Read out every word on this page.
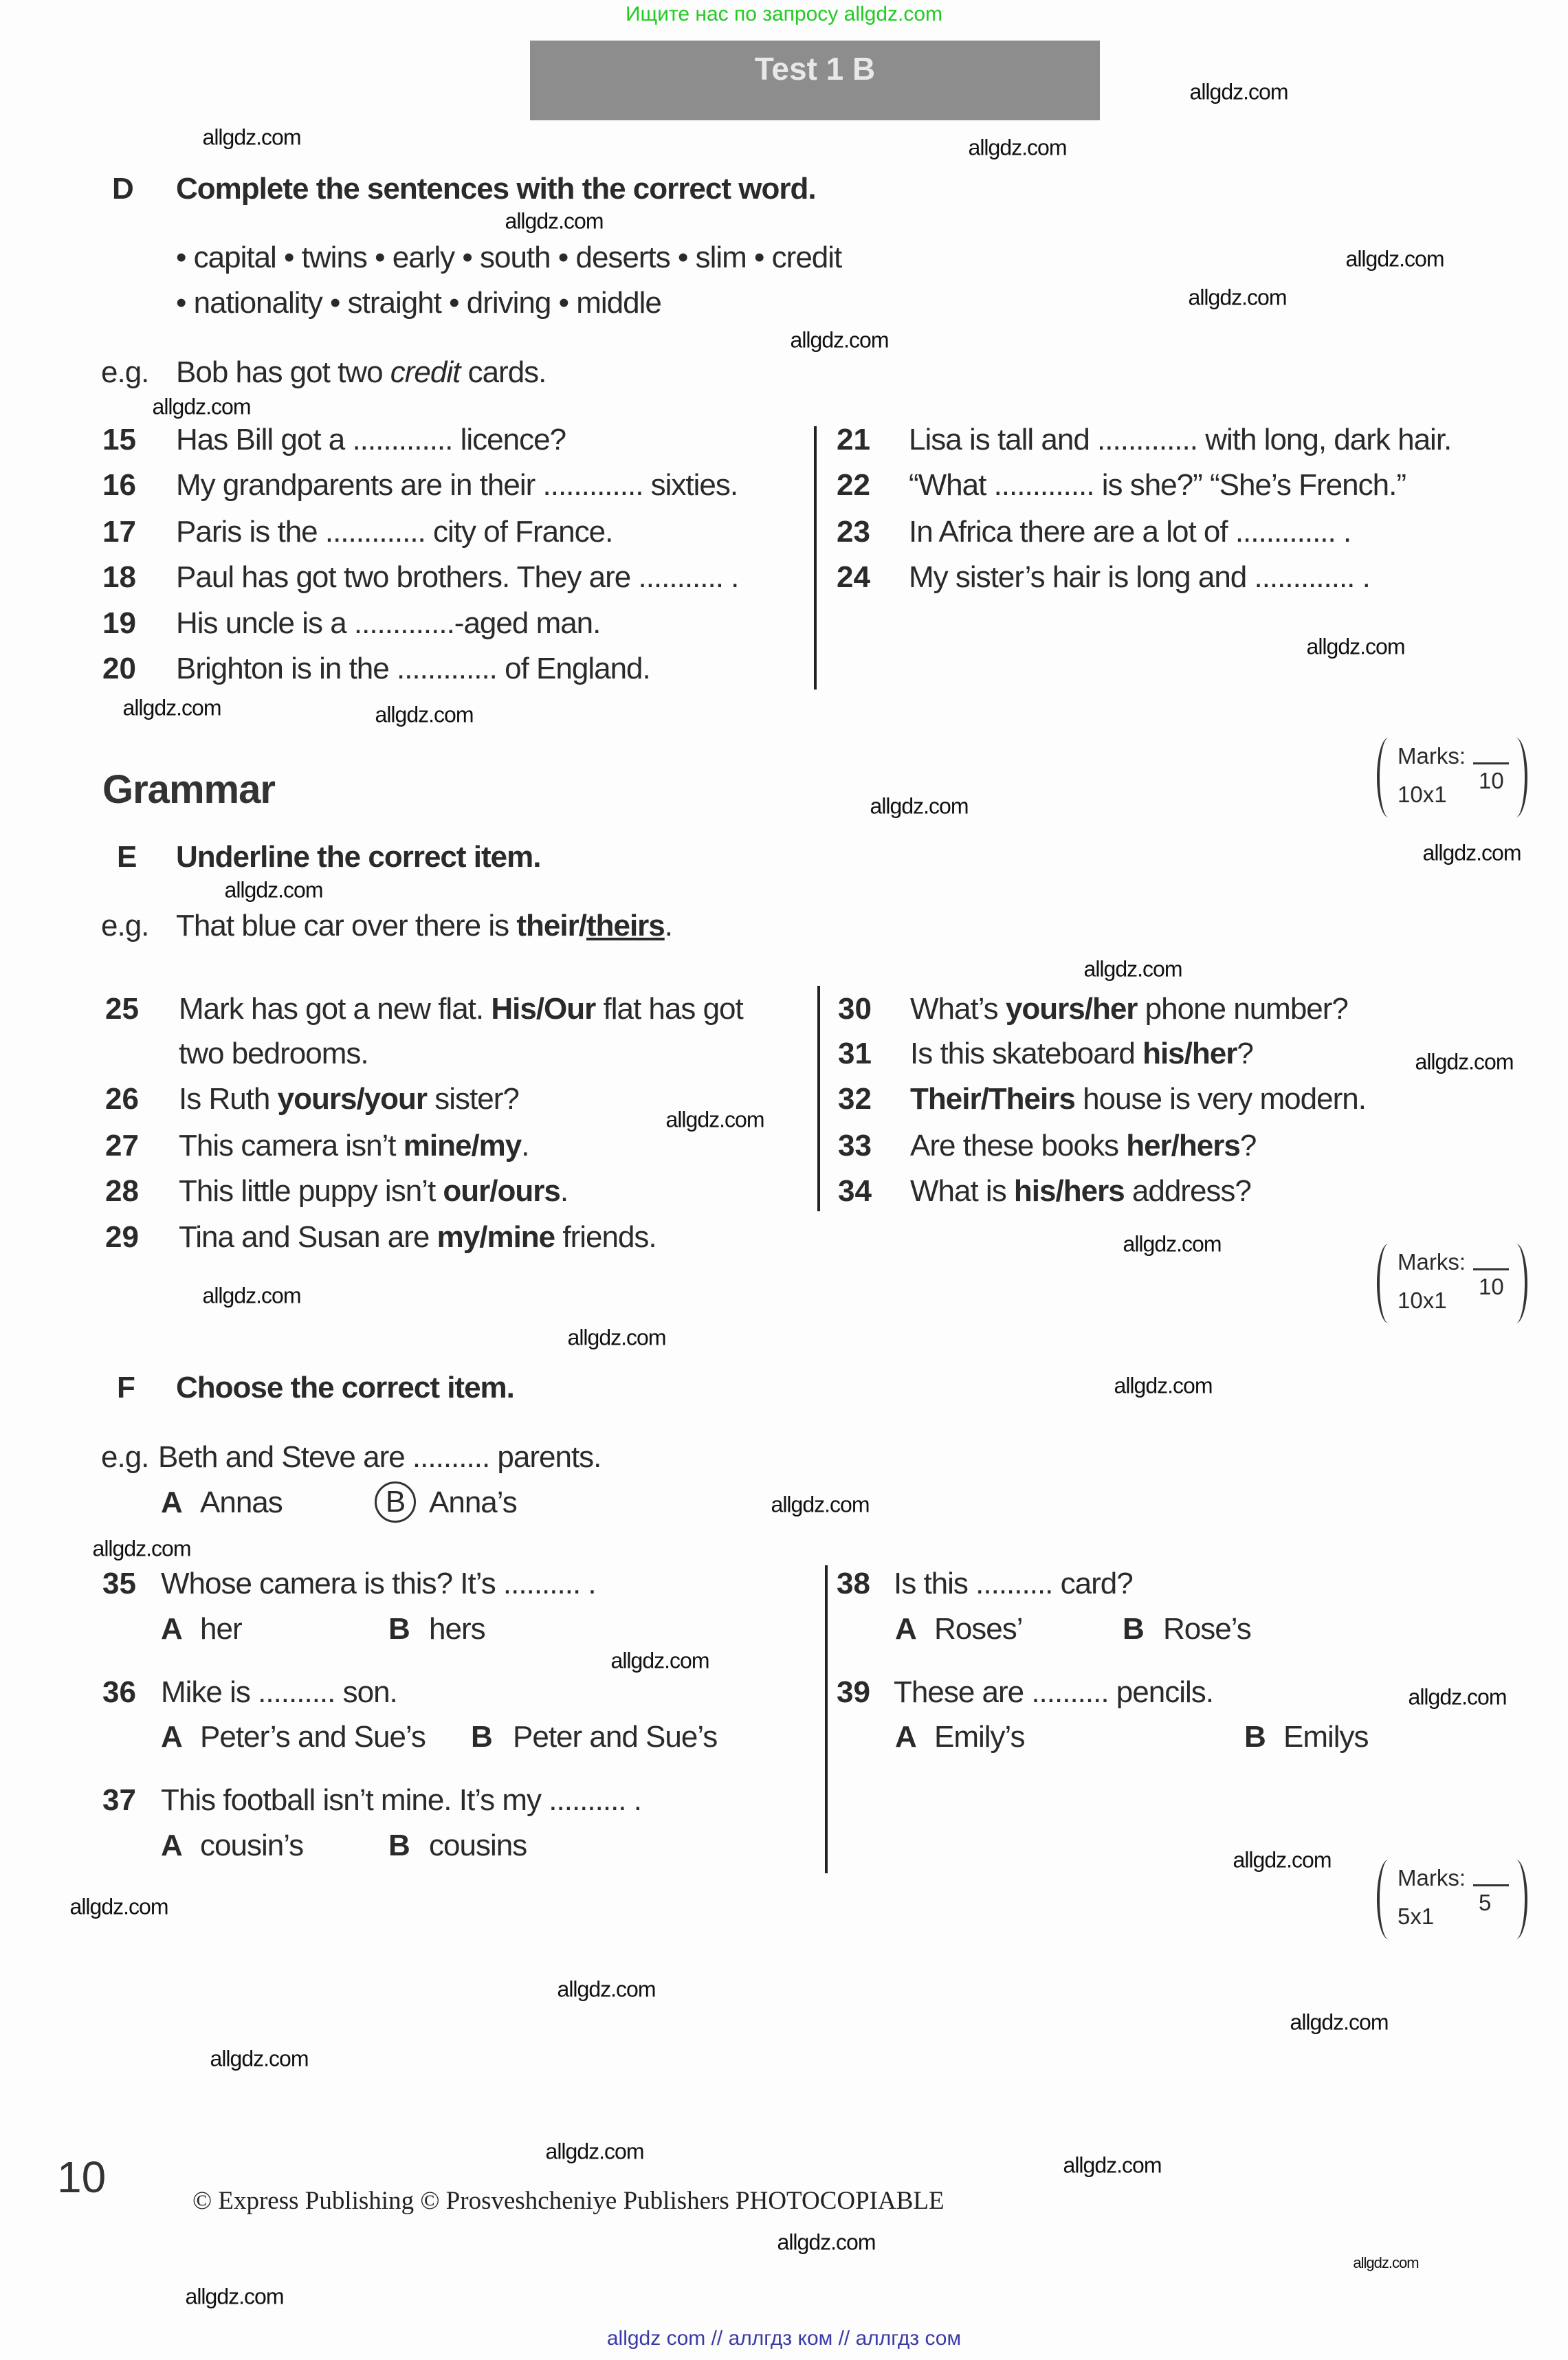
Ищите нас по запросу allgdz.com
Test 1 B
D Complete the sentences with the correct word.
• capital • twins • early • south • deserts • slim • credit
• nationality • straight • driving • middle
e.g. Bob has got two credit cards.
15 Has Bill got a ............. licence?
16 My grandparents are in their ............. sixties.
17 Paris is the ............. city of France.
18 Paul has got two brothers. They are ........... .
19 His uncle is a .............-aged man.
20 Brighton is in the ............. of England.
21 Lisa is tall and ............. with long, dark hair.
22 “What ............. is she?” “She’s French.”
23 In Africa there are a lot of ............. .
24 My sister’s hair is long and ............. .
Marks:
10x1
10
Grammar
E Underline the correct item.
e.g. That blue car over there is their/theirs.
25 Mark has got a new flat. His/Our flat has got
two bedrooms.
26 Is Ruth yours/your sister?
27 This camera isn’t mine/my.
28 This little puppy isn’t our/ours.
29 Tina and Susan are my/mine friends.
30 What’s yours/her phone number?
31 Is this skateboard his/her?
32 Their/Theirs house is very modern.
33 Are these books her/hers?
34 What is his/hers address?
Marks:
10x1
10
F Choose the correct item.
e.g. Beth and Steve are .......... parents.
A Annas	B Anna’s
35 Whose camera is this? It’s .......... .
A her	B hers
36 Mike is .......... son.
A Peter’s and Sue’s B Peter and Sue’s
37 This football isn’t mine. It’s my .......... .
A cousin’s	B cousins
38 Is this .......... card?
A Roses’	B Rose’s
39 These are .......... pencils.
A Emily’s	B Emilys
Marks:
5x1
5
10	© Express Publishing © Prosveshcheniye Publishers PHOTOCOPIABLE
allgdz com // аллгдз ком // аллгдз сом
allgdz.com
allgdz.com	allgdz.com
allgdz.com
allgdz.com
allgdz.com
allgdz.com
allgdz.com
allgdz.com
allgdz.com
allgdz.com
allgdz.com
allgdz.com
allgdz.com
allgdz.com
allgdz.com
allgdz.com
allgdz.com
allgdz.com
allgdz.com
allgdz.com
allgdz.com
allgdz.com
allgdz.com
allgdz.com
allgdz.com
allgdz.com
allgdz.com
allgdz.com
allgdz.com
allgdz.com
allgdz.com
allgdz.com
allgdz.com
allgdz.com
